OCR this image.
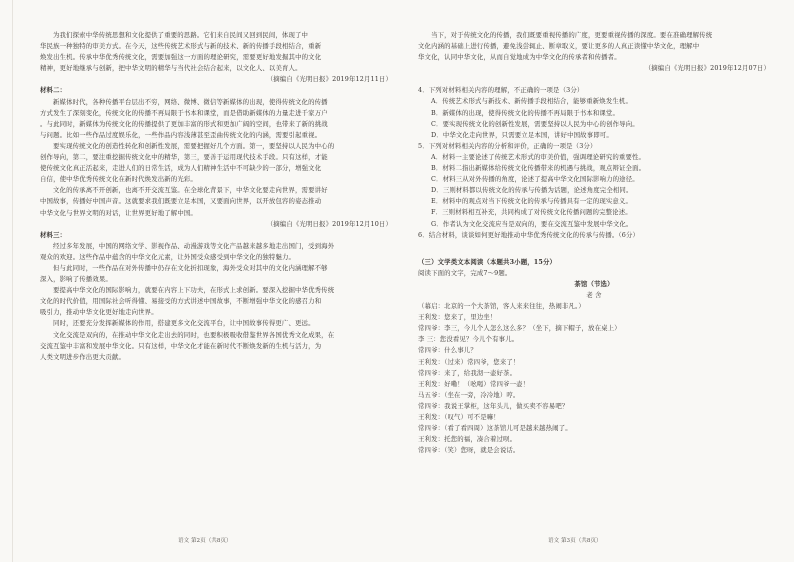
为我们探索中华传统思想和文化提供了重要的思路。它们来自民间又回到民间，体现了中

华民族一种独特的审美方式。在今天，这些传统艺术形式与新的技术、新的传播手段相结合，重新

焕发出生机。传承中华优秀传统文化，需要加强这一方面的理论研究，需要更好地发掘其中的文化

精神，更好地继承与创新，把中华文明的精华与当代社会结合起来，以文化人、以美育人。

（摘编自《光明日报》2019年12月11日）

材料二：

新媒体时代，各种传播平台层出不穷，网络、微博、微信等新媒体的出现，使得传统文化的传播

方式发生了深刻变化，传统文化的传播不再局限于书本和课堂，而是借助新媒体的力量走进千家万户

。与此同时，新媒体为传统文化的传播提供了更加丰富的形式和更加广阔的空间，也带来了新的挑战

与问题。比如一些作品过度娱乐化，一些作品内容浅薄甚至歪曲传统文化的内涵，需要引起重视。

要实现传统文化的创造性转化和创新性发展，需要把握好几个方面。第一，要坚持以人民为中心的

创作导向，第二，要注重挖掘传统文化中的精华，第三，要善于运用现代技术手段。只有这样，才能

使传统文化真正活起来，走进人们的日常生活，成为人们精神生活中不可缺少的一部分，增强文化

自信，使中华优秀传统文化在新时代焕发出新的光彩。

文化的传承离不开创新，也离不开交流互鉴。在全球化背景下，中华文化要走向世界，需要讲好

中国故事，传播好中国声音。这就要求我们既要立足本国，又要面向世界，以开放包容的姿态推动

中华文化与世界文明的对话，让世界更好地了解中国。

（摘编自《光明日报》2019年12月10日）

材料三：

经过多年发展，中国的网络文学、影视作品、动漫游戏等文化产品越来越多地走出国门，受到海外

观众的欢迎。这些作品中蕴含的中华文化元素，让外国受众感受到中华文化的独特魅力。

但与此同时，一些作品在对外传播中仍存在文化折扣现象，海外受众对其中的文化内涵理解不够

深入，影响了传播效果。

要提高中华文化的国际影响力，就要在内容上下功夫，在形式上求创新。要深入挖掘中华优秀传统

文化的时代价值，用国际社会听得懂、易接受的方式讲述中国故事，不断增强中华文化的感召力和

吸引力，推动中华文化更好地走向世界。

同时，还要充分发挥新媒体的作用，搭建更多文化交流平台，让中国故事传得更广、更远。

文化交流是双向的，在推动中华文化走出去的同时，也要积极吸收借鉴世界各国优秀文化成果，在

交流互鉴中丰富和发展中华文化。只有这样，中华文化才能在新时代不断焕发新的生机与活力，为

人类文明进步作出更大贡献。

当下，对于传统文化的传播，我们既要重视传播的广度，更要重视传播的深度。要在准确理解传统

文化内涵的基础上进行传播，避免浅尝辄止、断章取义，要让更多的人真正读懂中华文化，理解中

华文化，认同中华文化，从而自觉地成为中华文化的传承者和传播者。

（摘编自《光明日报》2019年12月07日）

4．下列对材料相关内容的理解，不正确的一项是（3分）

A．传统艺术形式与新技术、新传播手段相结合，能够重新焕发生机。

B．新媒体的出现，使得传统文化的传播不再局限于书本和课堂。

C．要实现传统文化的创新性发展，需要坚持以人民为中心的创作导向。

D．中华文化走向世界，只需要立足本国，讲好中国故事即可。

5．下列对材料相关内容的分析和评价，正确的一项是（3分）

A．材料一主要论述了传统艺术形式的审美价值，强调理论研究的重要性。

B．材料二指出新媒体给传统文化传播带来的机遇与挑战，观点辩证全面。

C．材料三从对外传播的角度，论述了提高中华文化国际影响力的途径。

D．三则材料都以传统文化的传承与传播为话题，论述角度完全相同。

E．材料中的观点对当下传统文化的传承与传播具有一定的现实意义。

F．三则材料相互补充，共同构成了对传统文化传播问题的完整论述。

G．作者认为文化交流应当是双向的，要在交流互鉴中发展中华文化。

6．结合材料，谈谈如何更好地推动中华优秀传统文化的传承与传播。（6分）

（三）文学类文本阅读（本题共3小题，15分）

阅读下面的文字，完成7～9题。

茶馆（节选）

老 舍

（幕启：北京的一个大茶馆，客人来来往往，热闹非凡。）

王利发：您来了，里边坐！

常四爷：李三，今儿个人怎么这么多？（坐下，摘下帽子，放在桌上）

李 三：您没看见？今儿个有事儿。

常四爷：什么事儿？

王利发：（过来）常四爷，您来了！

常四爷：来了，给我沏一壶好茶。

王利发：好嘞！（吆喝）常四爷一壶！

马五爷：（坐在一旁，冷冷地）哼。

常四爷：我说王掌柜，这年头儿，做买卖不容易吧？

王利发：（叹气）可不是嘛！

常四爷：（看了看四周）这茶馆儿可是越来越热闹了。

王利发：托您的福，凑合着过呗。

常四爷：（笑）您呀，就是会说话。

语文 第2页（共8页）	语文 第3页（共8页）
